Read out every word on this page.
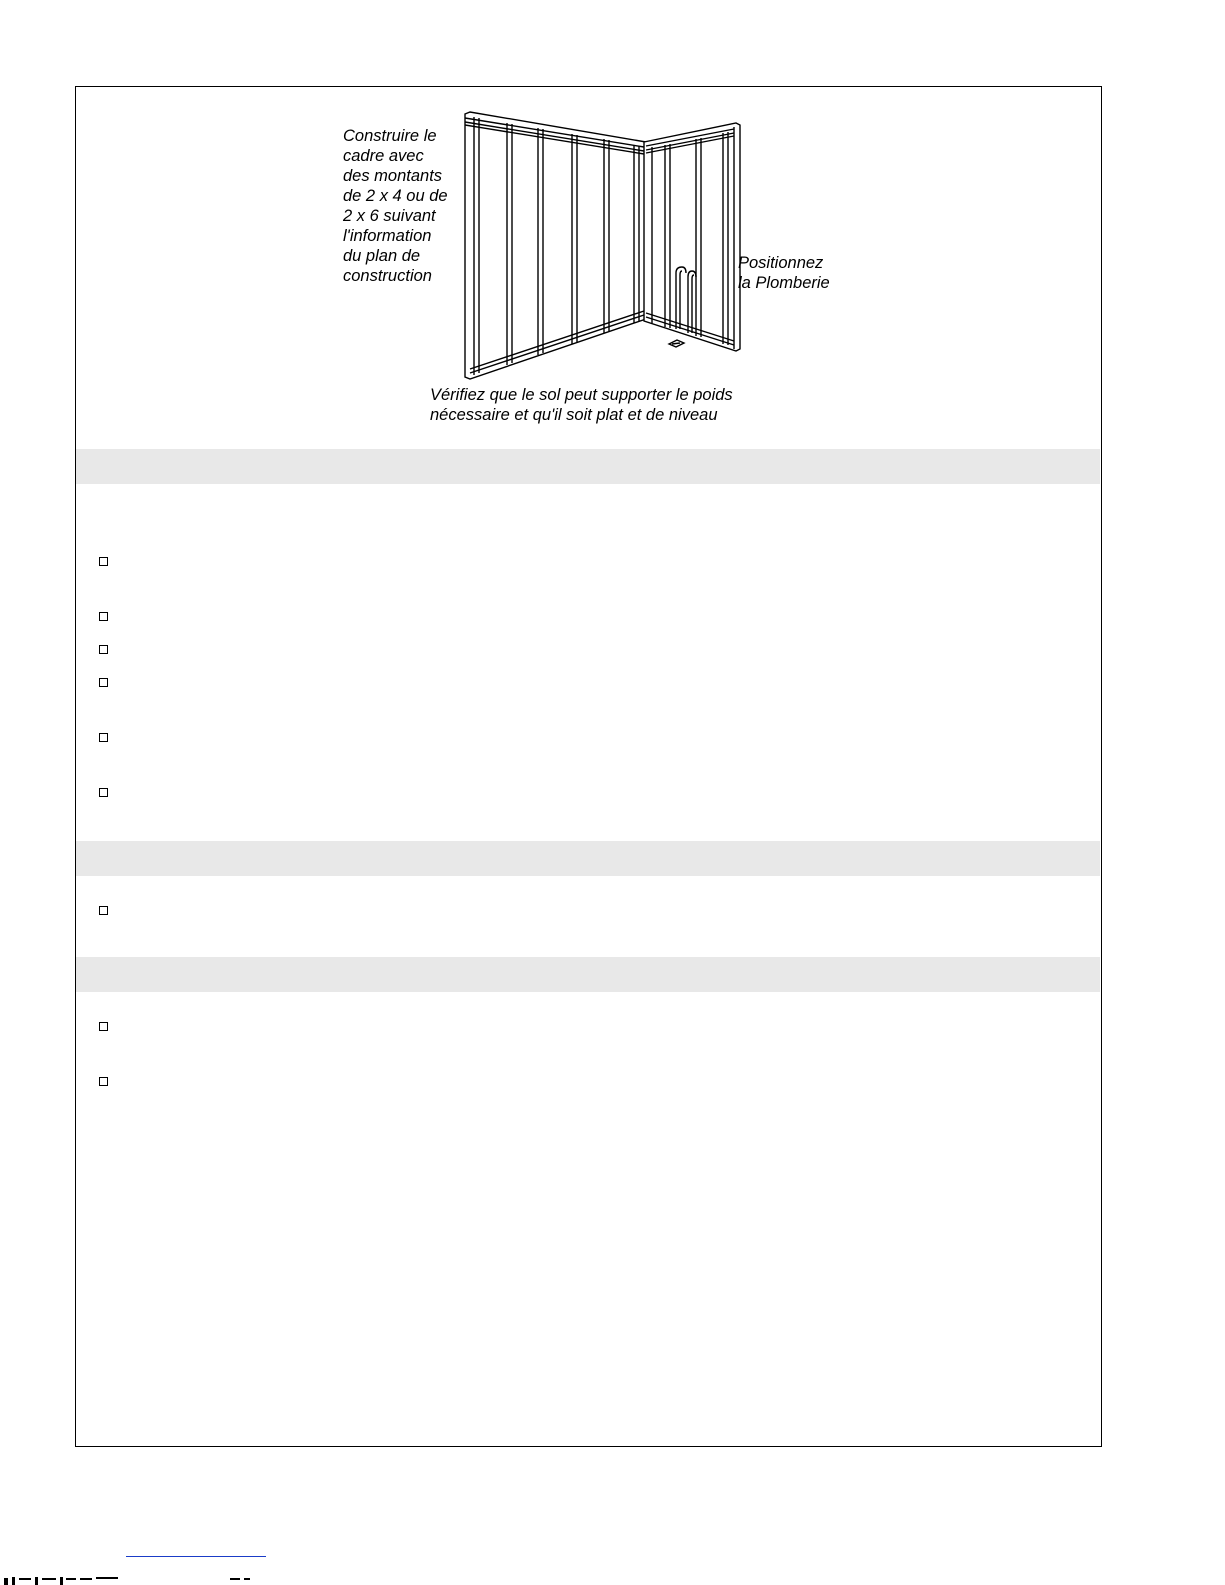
Construire le
cadre avec
des montants
de 2 x 4 ou de
2 x 6 suivant
l'information
du plan de
construction

Positionnez
la Plomberie

Vérifiez que le sol peut supporter le poids
nécessaire et qu'il soit plat et de niveau
